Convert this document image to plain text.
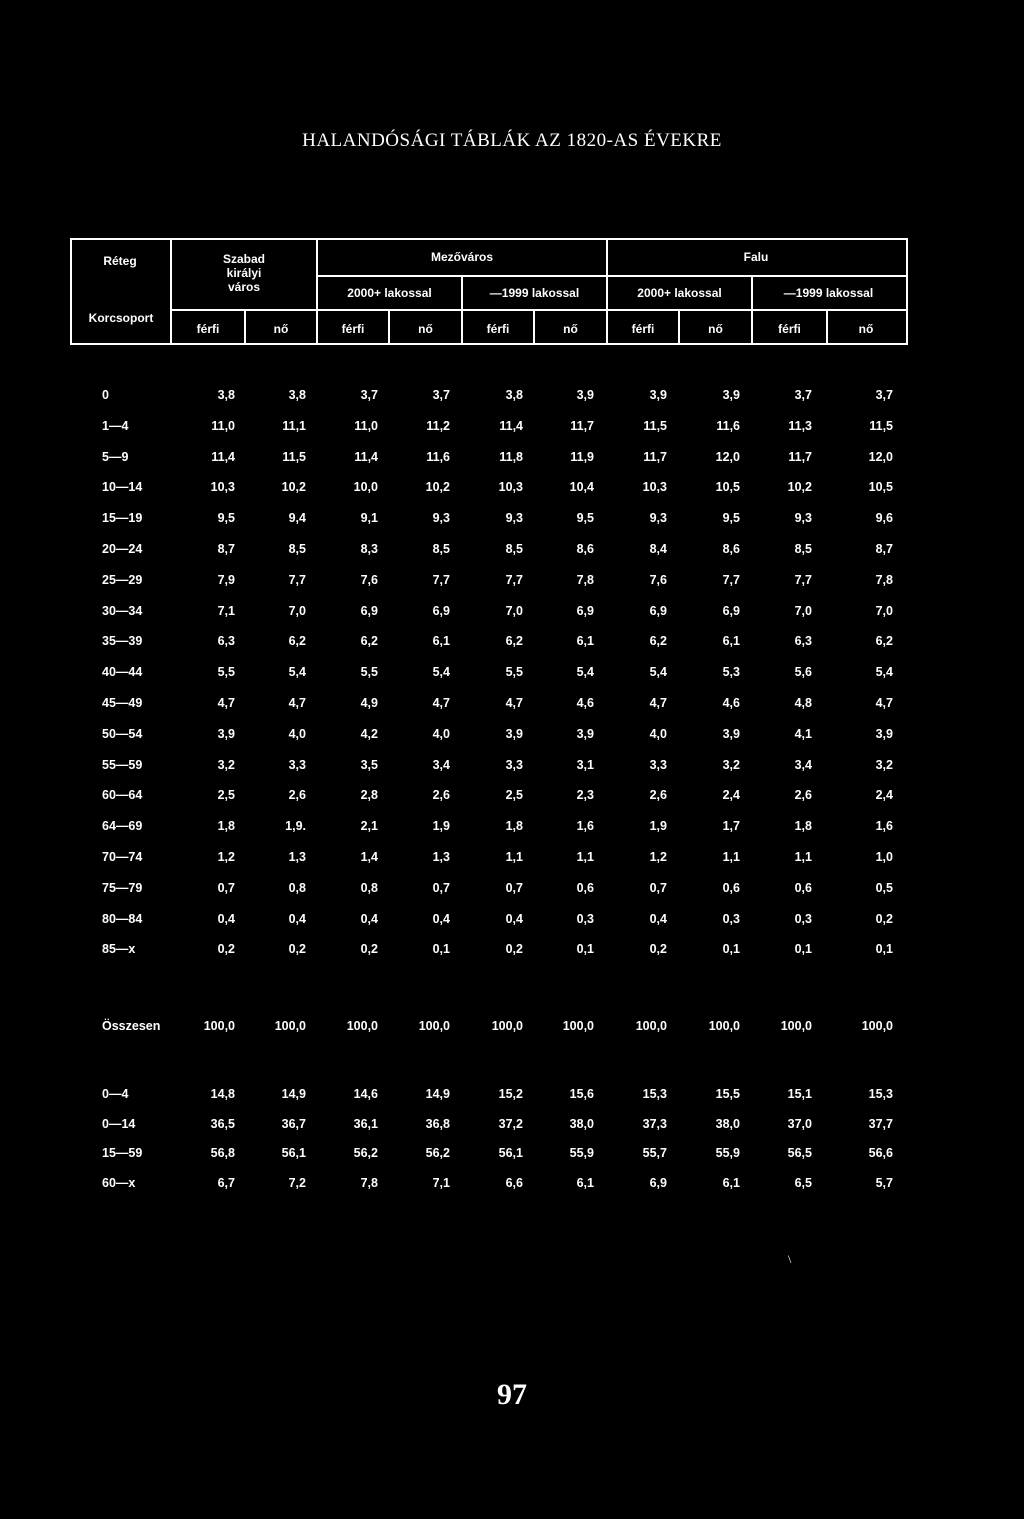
HALANDÓSÁGI TÁBLÁK AZ 1820-AS ÉVEKRE
Réteg
Korcsoport
Szabad
királyi
város
Mezőváros	Falu
2000+ lakossal	—1999 lakossal	2000+ lakossal	—1999 lakossal
férfi	nő	férfi	nő	férfi	nő	férfi	nő	férfi	nő
0	3,8	3,8	3,7	3,7	3,8	3,9	3,9	3,9	3,7	3,7
1—4	11,0	11,1	11,0	11,2	11,4	11,7	11,5	11,6	11,3	11,5
5—9	11,4	11,5	11,4	11,6	11,8	11,9	11,7	12,0	11,7	12,0
10—14	10,3	10,2	10,0	10,2	10,3	10,4	10,3	10,5	10,2	10,5
15—19	9,5	9,4	9,1	9,3	9,3	9,5	9,3	9,5	9,3	9,6
20—24	8,7	8,5	8,3	8,5	8,5	8,6	8,4	8,6	8,5	8,7
25—29	7,9	7,7	7,6	7,7	7,7	7,8	7,6	7,7	7,7	7,8
30—34	7,1	7,0	6,9	6,9	7,0	6,9	6,9	6,9	7,0	7,0
35—39	6,3	6,2	6,2	6,1	6,2	6,1	6,2	6,1	6,3	6,2
40—44	5,5	5,4	5,5	5,4	5,5	5,4	5,4	5,3	5,6	5,4
45—49	4,7	4,7	4,9	4,7	4,7	4,6	4,7	4,6	4,8	4,7
50—54	3,9	4,0	4,2	4,0	3,9	3,9	4,0	3,9	4,1	3,9
55—59	3,2	3,3	3,5	3,4	3,3	3,1	3,3	3,2	3,4	3,2
60—64	2,5	2,6	2,8	2,6	2,5	2,3	2,6	2,4	2,6	2,4
64—69	1,8	1,9.	2,1	1,9	1,8	1,6	1,9	1,7	1,8	1,6
70—74	1,2	1,3	1,4	1,3	1,1	1,1	1,2	1,1	1,1	1,0
75—79	0,7	0,8	0,8	0,7	0,7	0,6	0,7	0,6	0,6	0,5
80—84	0,4	0,4	0,4	0,4	0,4	0,3	0,4	0,3	0,3	0,2
85—x	0,2	0,2	0,2	0,1	0,2	0,1	0,2	0,1	0,1	0,1
Összesen	100,0	100,0	100,0	100,0	100,0	100,0	100,0	100,0	100,0	100,0
0—4	14,8	14,9	14,6	14,9	15,2	15,6	15,3	15,5	15,1	15,3
0—14	36,5	36,7	36,1	36,8	37,2	38,0	37,3	38,0	37,0	37,7
15—59	56,8	56,1	56,2	56,2	56,1	55,9	55,7	55,9	56,5	56,6
60—x	6,7	7,2	7,8	7,1	6,6	6,1	6,9	6,1	6,5	5,7
97
\
